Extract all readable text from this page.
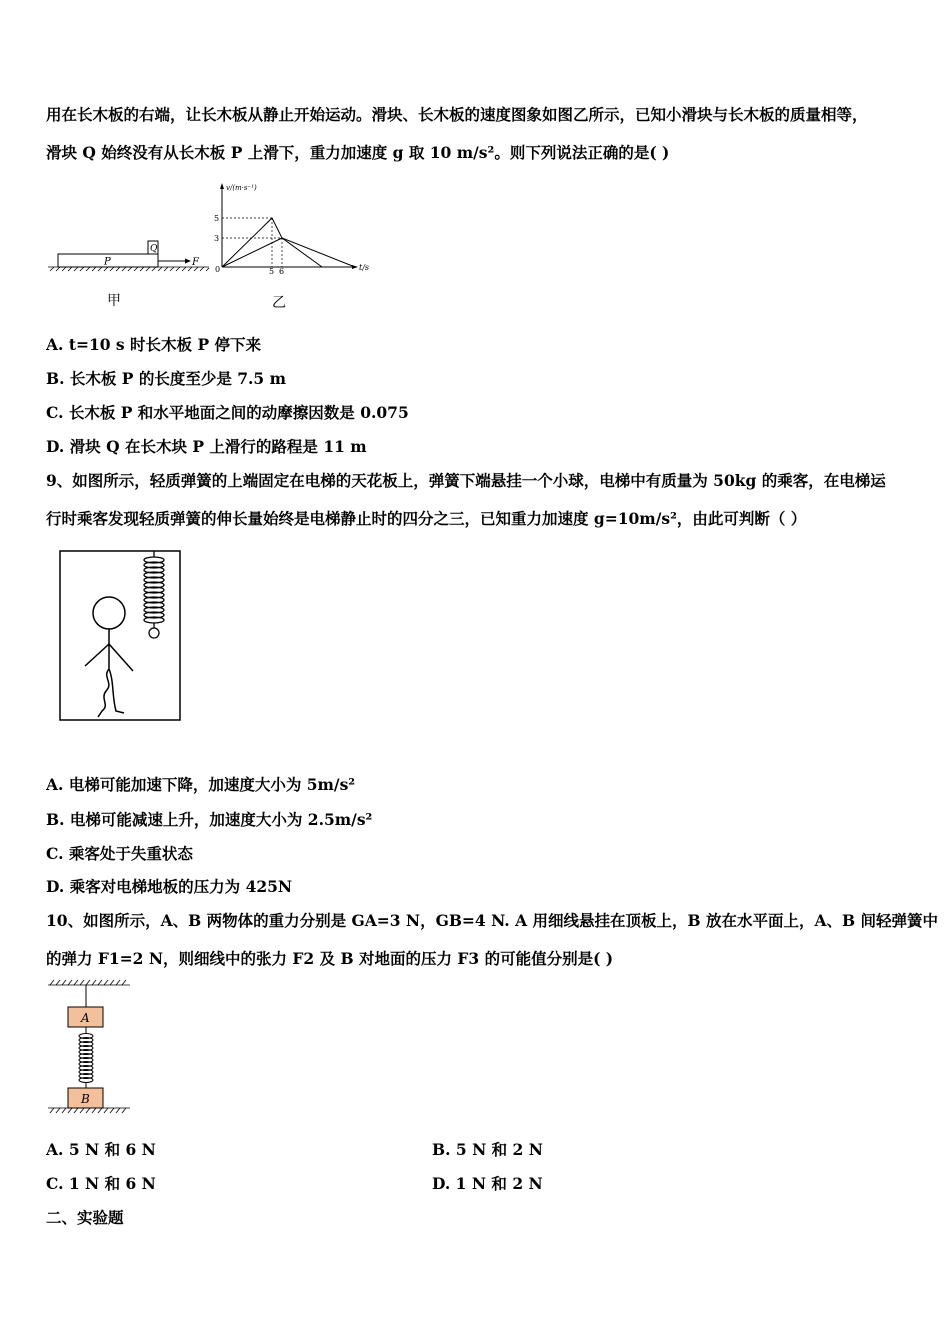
用在长木板的右端，让长木板从静止开始运动。滑块、长木板的速度图象如图乙所示，已知小滑块与长木板的质量相等，
滑块 Q 始终没有从长木板 P 上滑下，重力加速度 g 取 10 m/s²。则下列说法正确的是( )
P
Q
F
甲
v/(m·s⁻¹)
t/s
0
5
3
5 6
乙
A. t=10 s 时长木板 P 停下来
B. 长木板 P 的长度至少是 7.5 m
C. 长木板 P 和水平地面之间的动摩擦因数是 0.075
D. 滑块 Q 在长木块 P 上滑行的路程是 11 m
9、如图所示，轻质弹簧的上端固定在电梯的天花板上，弹簧下端悬挂一个小球，电梯中有质量为 50kg 的乘客，在电梯运
行时乘客发现轻质弹簧的伸长量始终是电梯静止时的四分之三，已知重力加速度 g=10m/s²，由此可判断（ ）
A. 电梯可能加速下降，加速度大小为 5m/s²
B. 电梯可能减速上升，加速度大小为 2.5m/s²
C. 乘客处于失重状态
D. 乘客对电梯地板的压力为 425N
10、如图所示，A、B 两物体的重力分别是 GA=3 N，GB=4 N. A 用细线悬挂在顶板上，B 放在水平面上，A、B 间轻弹簧中
的弹力 F1=2 N，则细线中的张力 F2 及 B 对地面的压力 F3 的可能值分别是( )
A
B
A. 5 N 和 6 N	B. 5 N 和 2 N
C. 1 N 和 6 N	D. 1 N 和 2 N
二、实验题
